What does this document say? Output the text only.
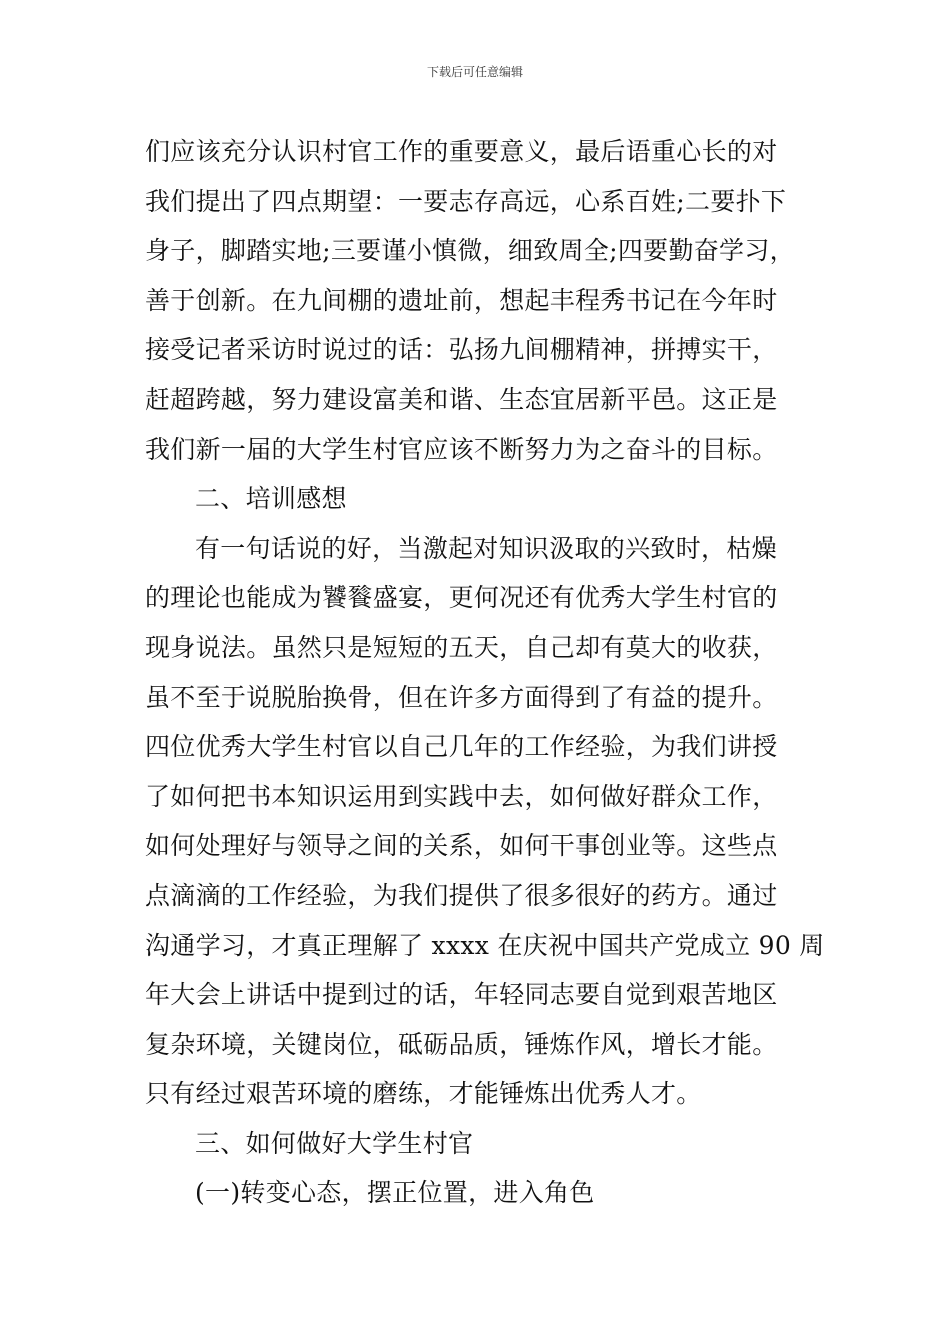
下载后可任意编辑
们应该充分认识村官工作的重要意义，最后语重心长的对
我们提出了四点期望：一要志存高远，心系百姓;二要扑下
身子，脚踏实地;三要谨小慎微，细致周全;四要勤奋学习，
善于创新。在九间棚的遗址前，想起丰程秀书记在今年时
接受记者采访时说过的话：弘扬九间棚精神，拼搏实干，
赶超跨越，努力建设富美和谐、生态宜居新平邑。这正是
我们新一届的大学生村官应该不断努力为之奋斗的目标。
二、培训感想
有一句话说的好，当激起对知识汲取的兴致时，枯燥
的理论也能成为饕餮盛宴，更何况还有优秀大学生村官的
现身说法。虽然只是短短的五天，自己却有莫大的收获，
虽不至于说脱胎换骨，但在许多方面得到了有益的提升。
四位优秀大学生村官以自己几年的工作经验，为我们讲授
了如何把书本知识运用到实践中去，如何做好群众工作，
如何处理好与领导之间的关系，如何干事创业等。这些点
点滴滴的工作经验，为我们提供了很多很好的药方。通过
沟通学习，才真正理解了 xxxx 在庆祝中国共产党成立 90 周
年大会上讲话中提到过的话，年轻同志要自觉到艰苦地区
复杂环境，关键岗位，砥砺品质，锤炼作风，增长才能。
只有经过艰苦环境的磨练，才能锤炼出优秀人才。
三、如何做好大学生村官
(一)转变心态，摆正位置，进入角色
